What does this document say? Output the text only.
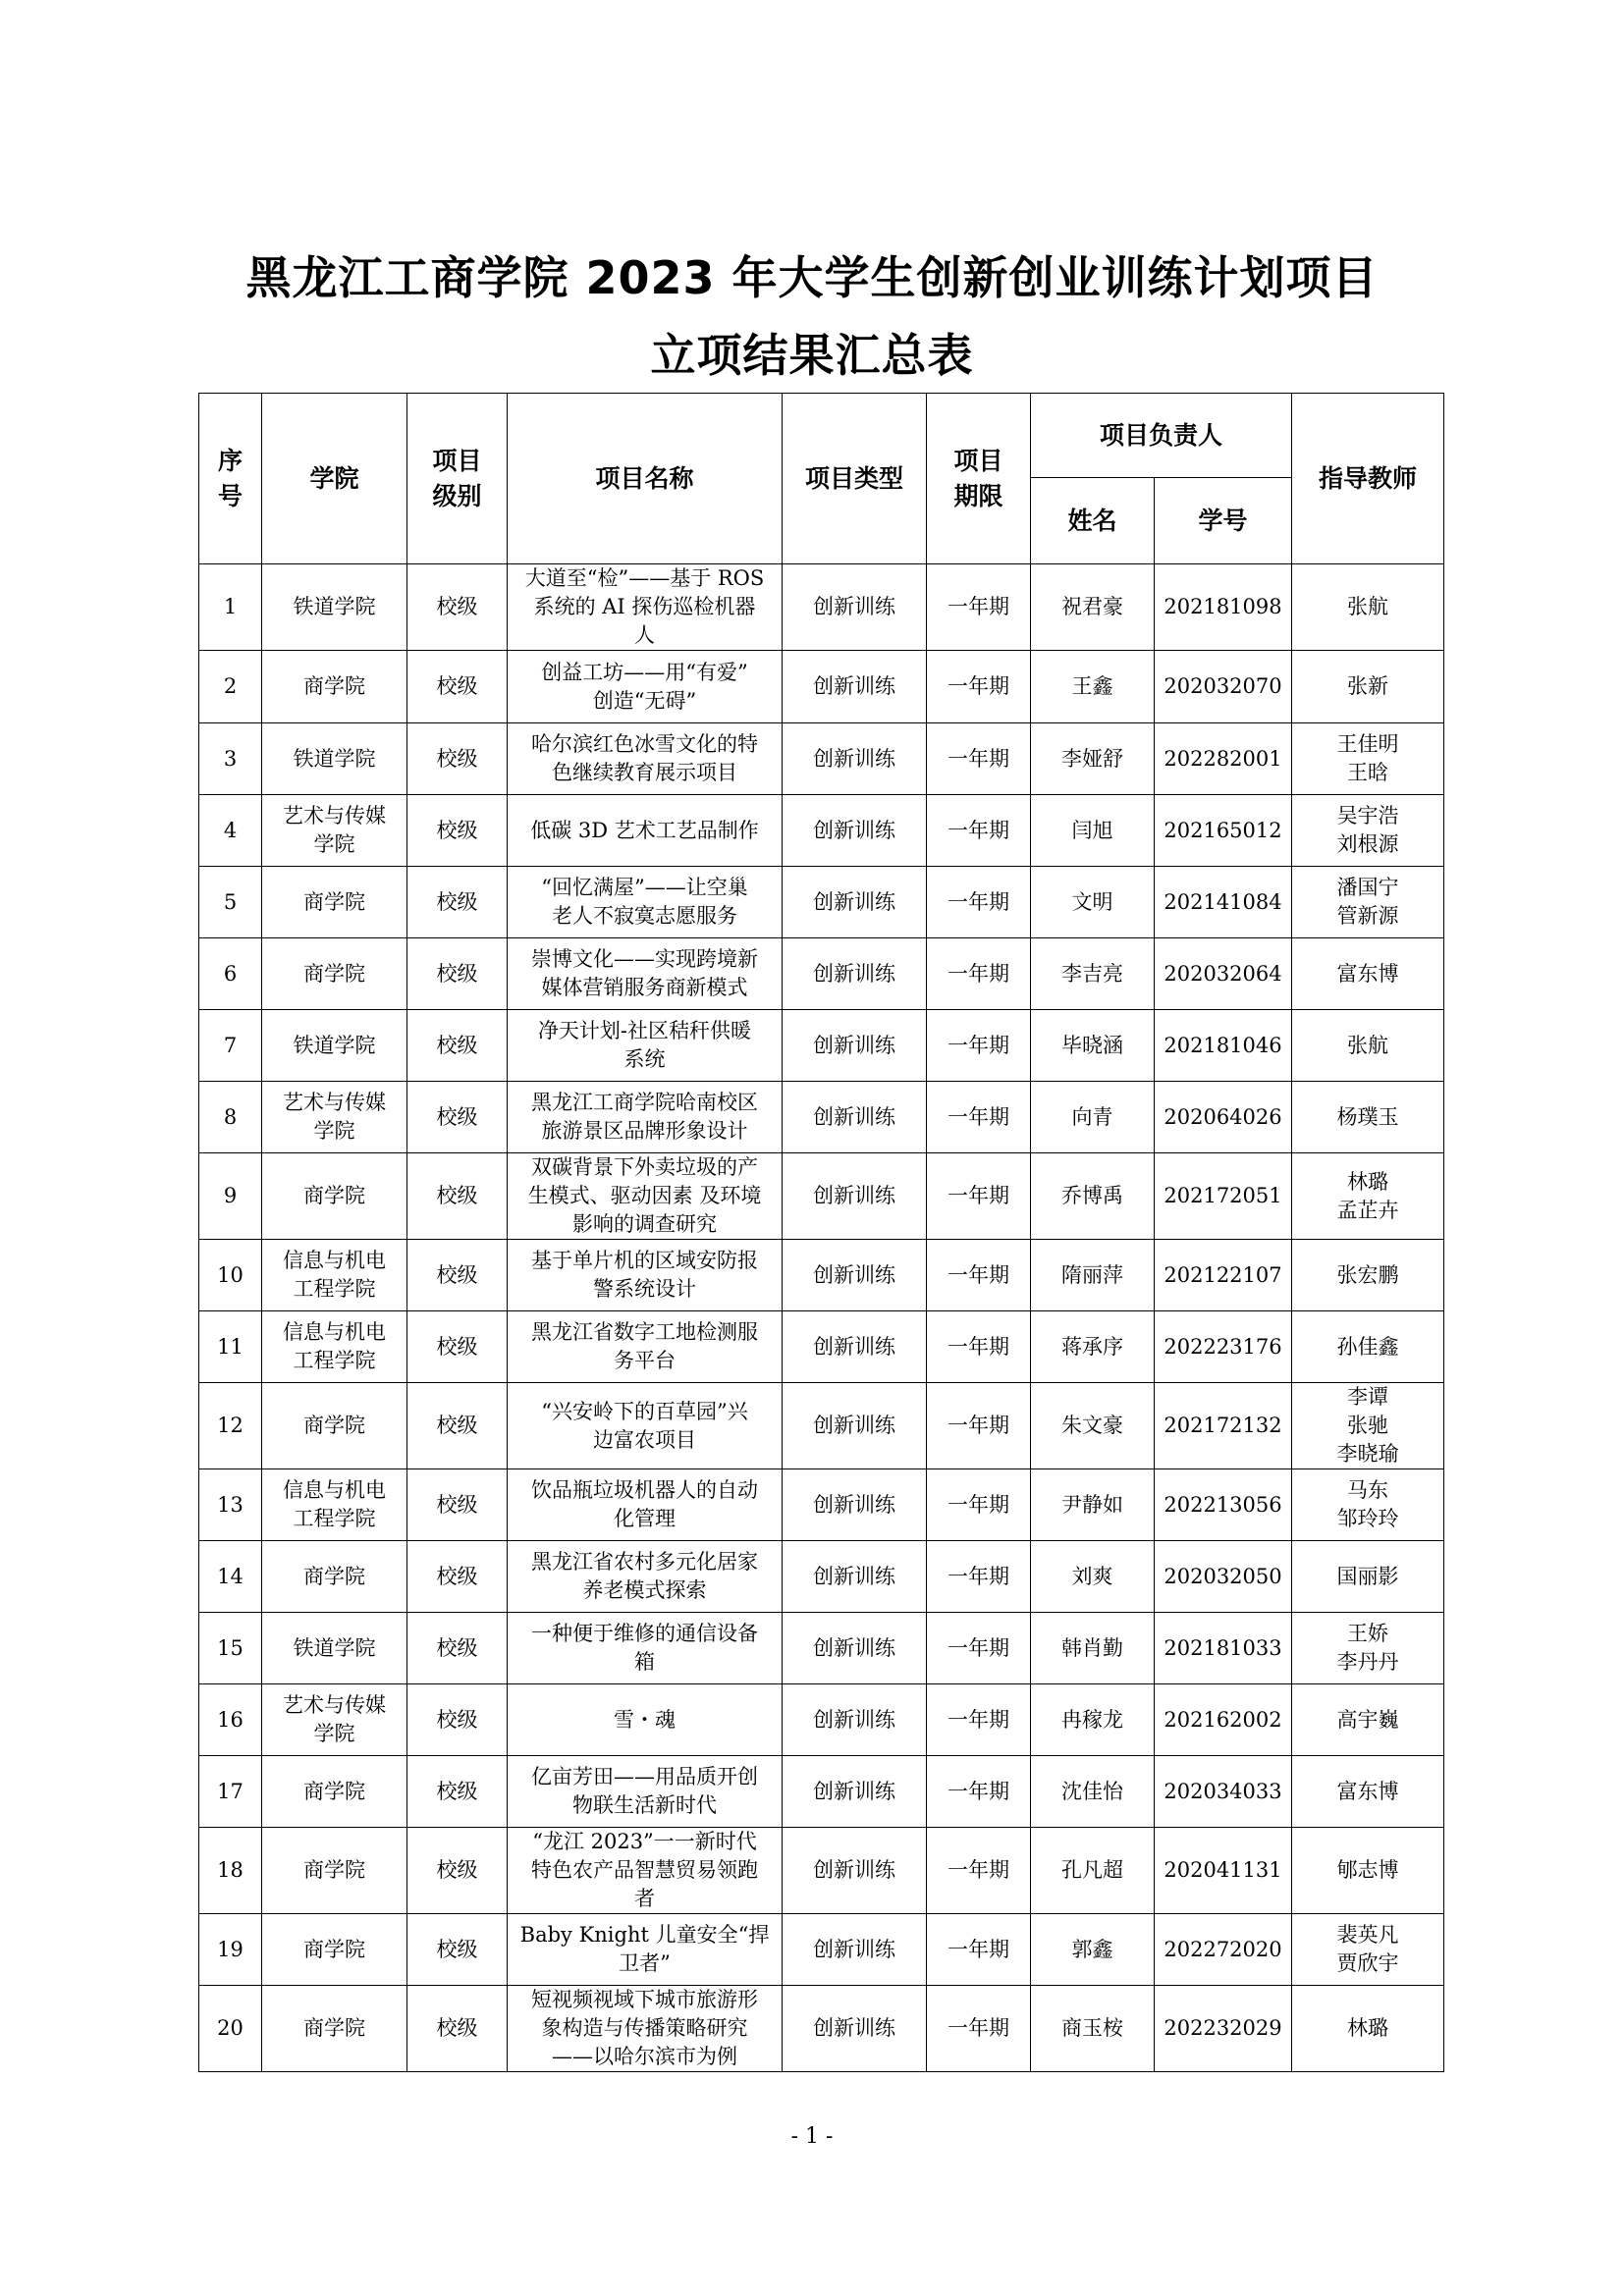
黑龙江工商学院 2023 年大学生创新创业训练计划项目
立项结果汇总表
序
号	学院	项目
级别	项目名称	项目类型	项目
期限	项目负责人		指导教师
						姓名	学号	
1	铁道学院	校级	大道至“检”——基于 ROS
系统的 AI 探伤巡检机器
人	创新训练	一年期	祝君豪	202181098	张航

2	商学院	校级	创益工坊——用“有爱”
创造“无碍”	创新训练	一年期	王鑫	202032070	张新

3	铁道学院	校级	哈尔滨红色冰雪文化的特
色继续教育展示项目	创新训练	一年期	李娅舒	202282001	王佳明
王晗

4	艺术与传媒
学院	校级	低碳 3D 艺术工艺品制作	创新训练	一年期	闫旭	202165012	吴宇浩
刘根源

5	商学院	校级	“回忆满屋”——让空巢
老人不寂寞志愿服务	创新训练	一年期	文明	202141084	潘国宁
管新源

6	商学院	校级	崇博文化——实现跨境新
媒体营销服务商新模式	创新训练	一年期	李吉亮	202032064	富东博

7	铁道学院	校级	净天计划-社区秸秆供暖
系统	创新训练	一年期	毕晓涵	202181046	张航

8	艺术与传媒
学院	校级	黑龙江工商学院哈南校区
旅游景区品牌形象设计	创新训练	一年期	向青	202064026	杨璞玉

9	商学院	校级	双碳背景下外卖垃圾的产
生模式、驱动因素 及环境
影响的调查研究	创新训练	一年期	乔博禹	202172051	林璐
孟芷卉

10	信息与机电
工程学院	校级	基于单片机的区域安防报
警系统设计	创新训练	一年期	隋丽萍	202122107	张宏鹏

11	信息与机电
工程学院	校级	黑龙江省数字工地检测服
务平台	创新训练	一年期	蒋承序	202223176	孙佳鑫

12	商学院	校级	“兴安岭下的百草园”兴
边富农项目	创新训练	一年期	朱文豪	202172132	李谭
张驰
李晓瑜

13	信息与机电
工程学院	校级	饮品瓶垃圾机器人的自动
化管理	创新训练	一年期	尹静如	202213056	马东
邹玲玲

14	商学院	校级	黑龙江省农村多元化居家
养老模式探索	创新训练	一年期	刘爽	202032050	国丽影

15	铁道学院	校级	一种便于维修的通信设备
箱	创新训练	一年期	韩肖勤	202181033	王娇
李丹丹

16	艺术与传媒
学院	校级	雪・魂	创新训练	一年期	冉稼龙	202162002	高宇巍

17	商学院	校级	亿亩芳田——用品质开创
物联生活新时代	创新训练	一年期	沈佳怡	202034033	富东博

18	商学院	校级	“龙江 2023”一一新时代
特色农产品智慧贸易领跑
者	创新训练	一年期	孔凡超	202041131	郇志博

19	商学院	校级	Baby Knight 儿童安全“捍
卫者”	创新训练	一年期	郭鑫	202272020	裴英凡
贾欣宇

20	商学院	校级	短视频视域下城市旅游形
象构造与传播策略研究
——以哈尔滨市为例	创新训练	一年期	商玉桉	202232029	林璐
- 1 -
